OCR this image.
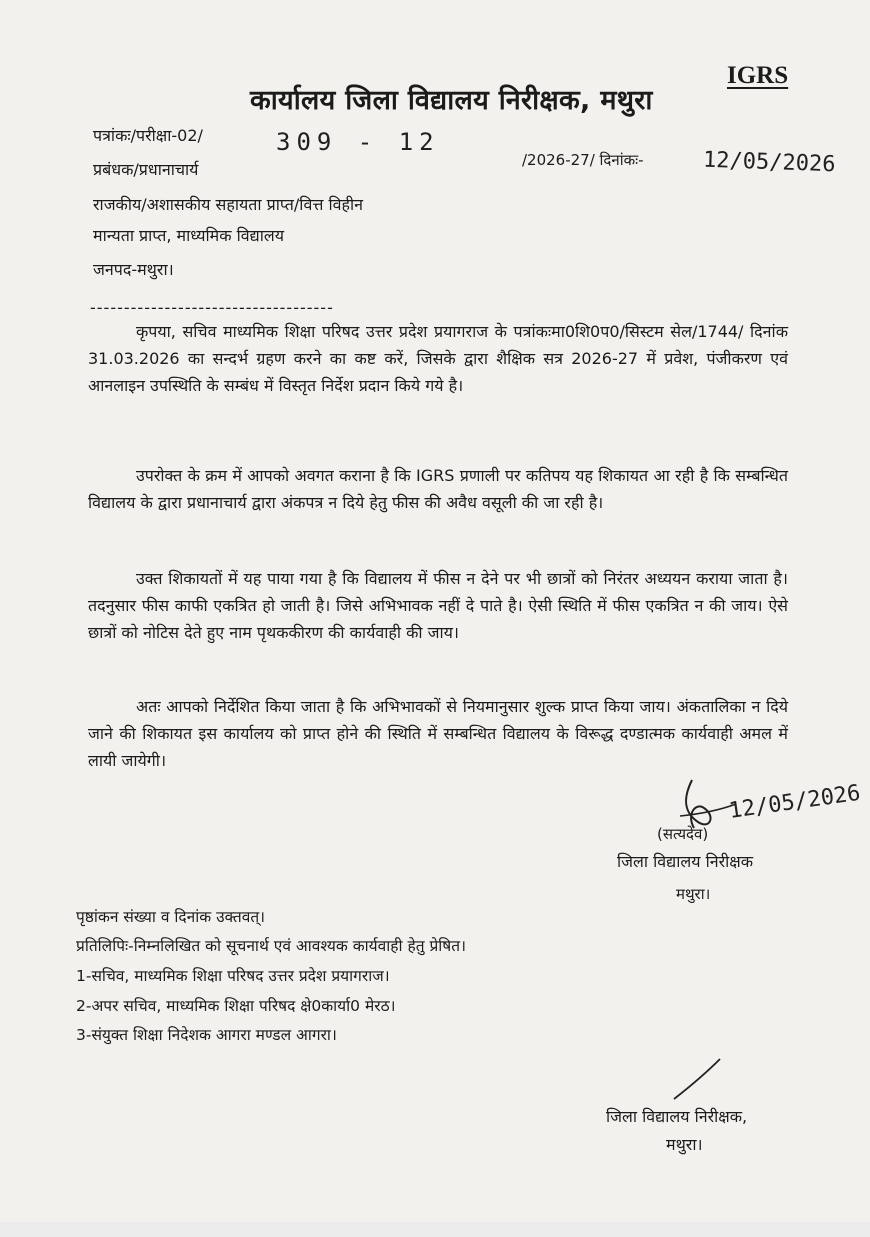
IGRS
कार्यालय जिला विद्यालय निरीक्षक, मथुरा
पत्रांकः/परीक्षा-02/	309 - 12
प्रबंधक/प्रधानाचार्य	/2026-27/ दिनांकः-	12/05/2026
राजकीय/अशासकीय सहायता प्राप्त/वित्त विहीन
मान्यता प्राप्त, माध्यमिक विद्यालय
जनपद-मथुरा।
------------------------------------
कृपया, सचिव माध्यमिक शिक्षा परिषद उत्तर प्रदेश प्रयागराज के पत्रांकःमा0शि0प0/सिस्टम सेल/1744/ दिनांक 31.03.2026 का सन्दर्भ ग्रहण करने का कष्ट करें, जिसके द्वारा शैक्षिक सत्र 2026-27 में प्रवेश, पंजीकरण एवं आनलाइन उपस्थिति के सम्बंध में विस्तृत निर्देश प्रदान किये गये है।
उपरोक्त के क्रम में आपको अवगत कराना है कि IGRS प्रणाली पर कतिपय यह शिकायत आ रही है कि सम्बन्धित विद्यालय के द्वारा प्रधानाचार्य द्वारा अंकपत्र न दिये हेतु फीस की अवैध वसूली की जा रही है।
उक्त शिकायतों में यह पाया गया है कि विद्यालय में फीस न देने पर भी छात्रों को निरंतर अध्ययन कराया जाता है। तदनुसार फीस काफी एकत्रित हो जाती है। जिसे अभिभावक नहीं दे पाते है। ऐसी स्थिति में फीस एकत्रित न की जाय। ऐसे छात्रों को नोटिस देते हुए नाम पृथककीरण की कार्यवाही की जाय।
अतः आपको निर्देशित किया जाता है कि अभिभावकों से नियमानुसार शुल्क प्राप्त किया जाय। अंकतालिका न दिये जाने की शिकायत इस कार्यालय को प्राप्त होने की स्थिति में सम्बन्धित विद्यालय के विरूद्ध दण्डात्मक कार्यवाही अमल में लायी जायेगी।
12/05/2026
(सत्यदेव)
जिला विद्यालय निरीक्षक
मथुरा।
पृष्ठांकन संख्या व दिनांक उक्तवत्।
प्रतिलिपिः-निम्नलिखित को सूचनार्थ एवं आवश्यक कार्यवाही हेतु प्रेषित।
1-सचिव, माध्यमिक शिक्षा परिषद उत्तर प्रदेश प्रयागराज।
2-अपर सचिव, माध्यमिक शिक्षा परिषद क्षे0कार्या0 मेरठ।
3-संयुक्त शिक्षा निदेशक आगरा मण्डल आगरा।
जिला विद्यालय निरीक्षक,
मथुरा।
